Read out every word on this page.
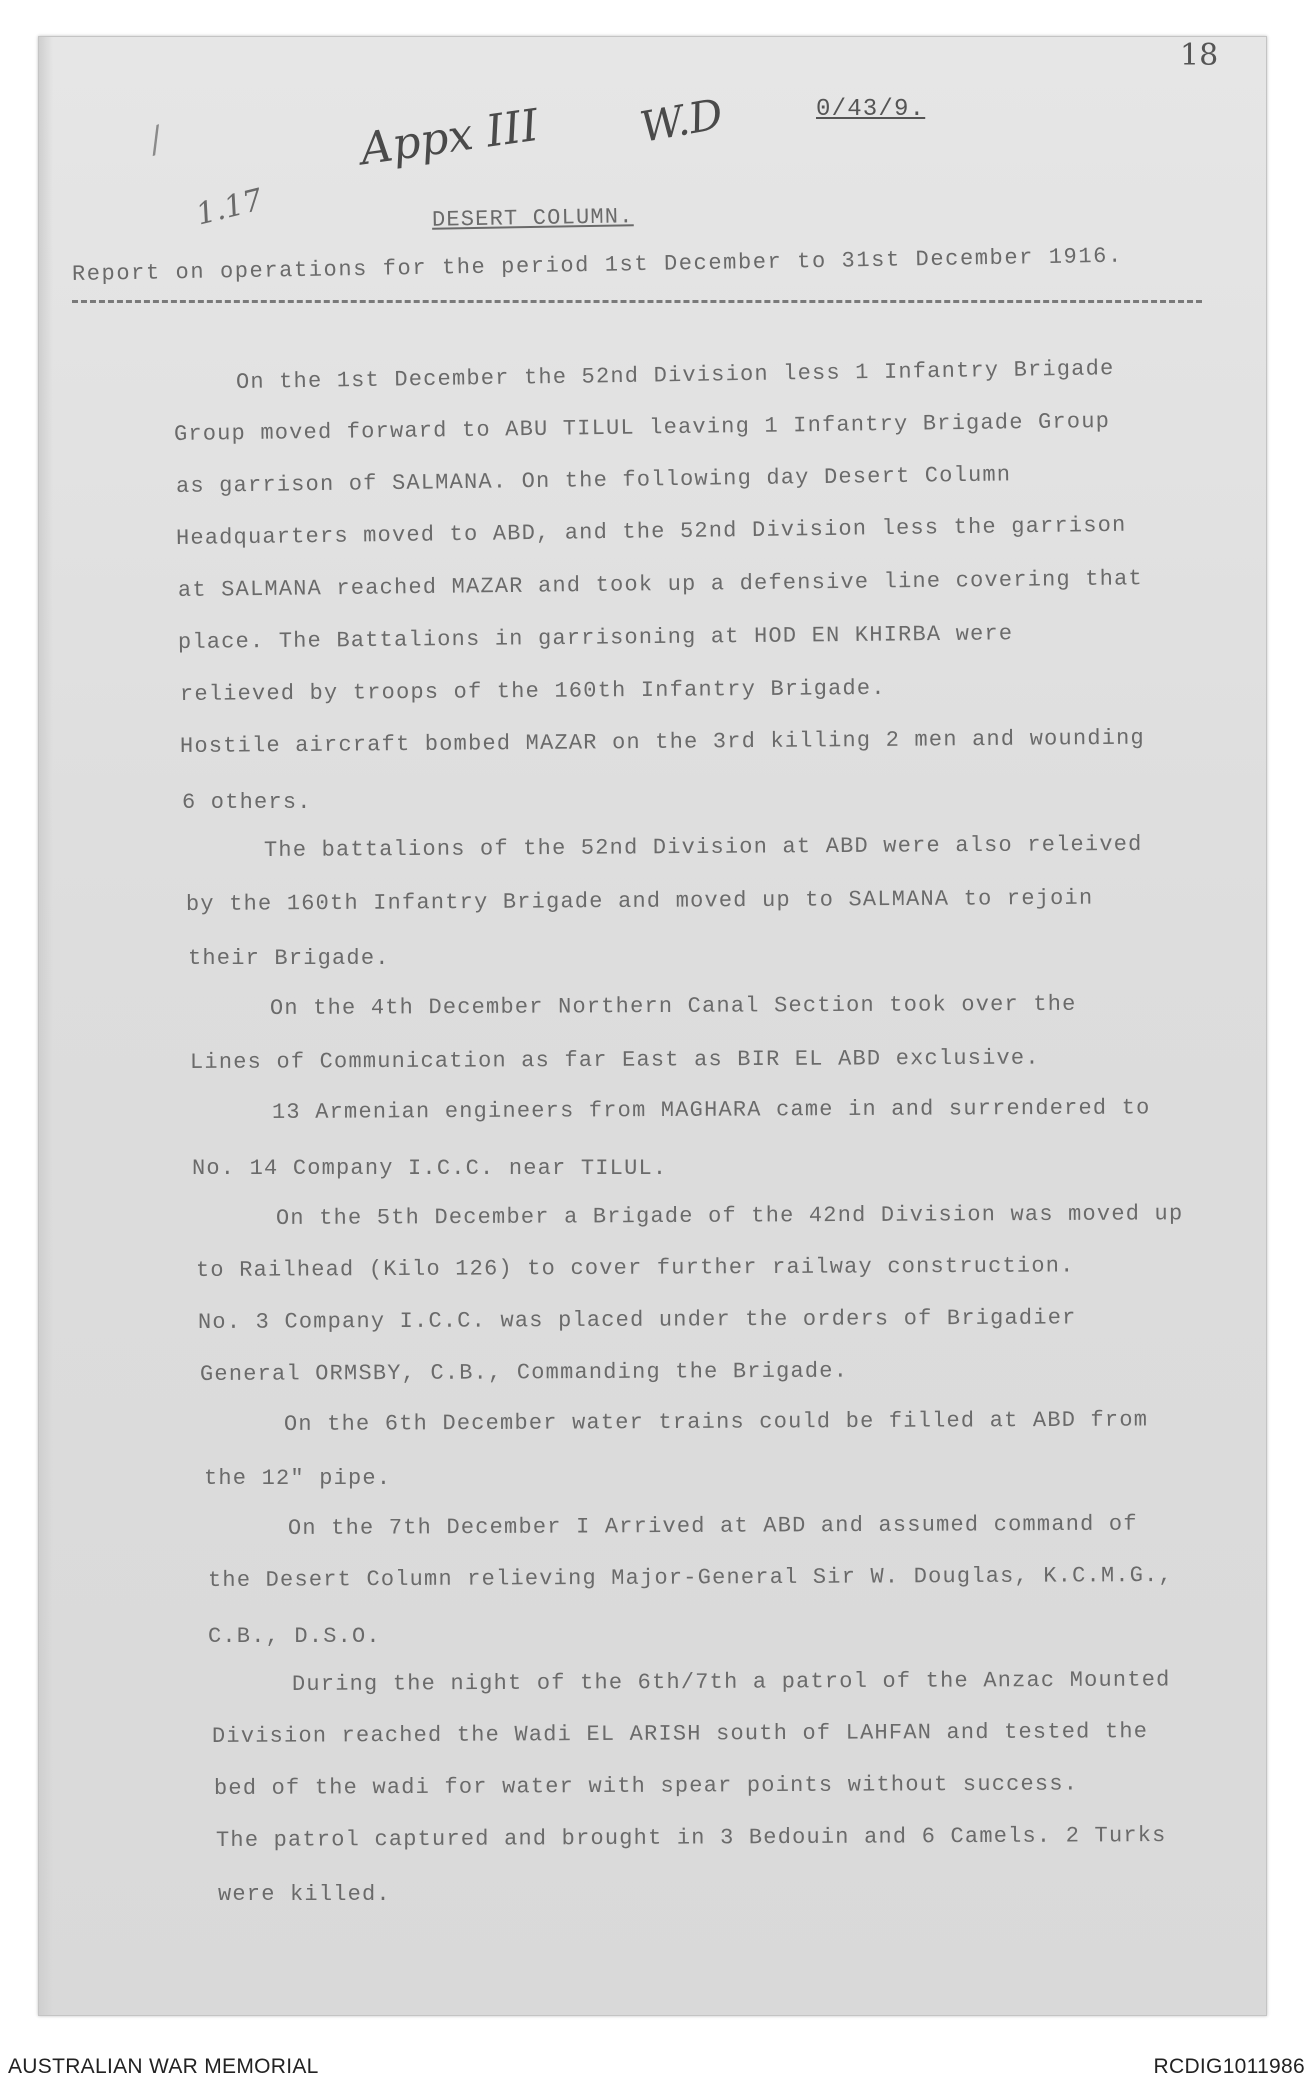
18
Appx III W.D	0/43/9.
1.17
/
DESERT COLUMN.
Report on operations for the period 1st December to 31st December 1916.
On the 1st December the 52nd Division less 1 Infantry Brigade
Group moved forward to ABU TILUL leaving 1 Infantry Brigade Group
as garrison of SALMANA. On the following day Desert Column
Headquarters moved to ABD, and the 52nd Division less the garrison
at SALMANA reached MAZAR and took up a defensive line covering that
place. The Battalions in garrisoning at HOD EN KHIRBA were
relieved by troops of the 160th Infantry Brigade.
Hostile aircraft bombed MAZAR on the 3rd killing 2 men and wounding
6 others.
The battalions of the 52nd Division at ABD were also releived
by the 160th Infantry Brigade and moved up to SALMANA to rejoin
their Brigade.
On the 4th December Northern Canal Section took over the
Lines of Communication as far East as BIR EL ABD exclusive.
13 Armenian engineers from MAGHARA came in and surrendered to
No. 14 Company I.C.C. near TILUL.
On the 5th December a Brigade of the 42nd Division was moved up
to Railhead (Kilo 126) to cover further railway construction.
No. 3 Company I.C.C. was placed under the orders of Brigadier
General ORMSBY, C.B., Commanding the Brigade.
On the 6th December water trains could be filled at ABD from
the 12" pipe.
On the 7th December I Arrived at ABD and assumed command of
the Desert Column relieving Major-General Sir W. Douglas, K.C.M.G.,
C.B., D.S.O.
During the night of the 6th/7th a patrol of the Anzac Mounted
Division reached the Wadi EL ARISH south of LAHFAN and tested the
bed of the wadi for water with spear points without success.
The patrol captured and brought in 3 Bedouin and 6 Camels. 2 Turks
were killed.
AUSTRALIAN WAR MEMORIAL	RCDIG1011986
